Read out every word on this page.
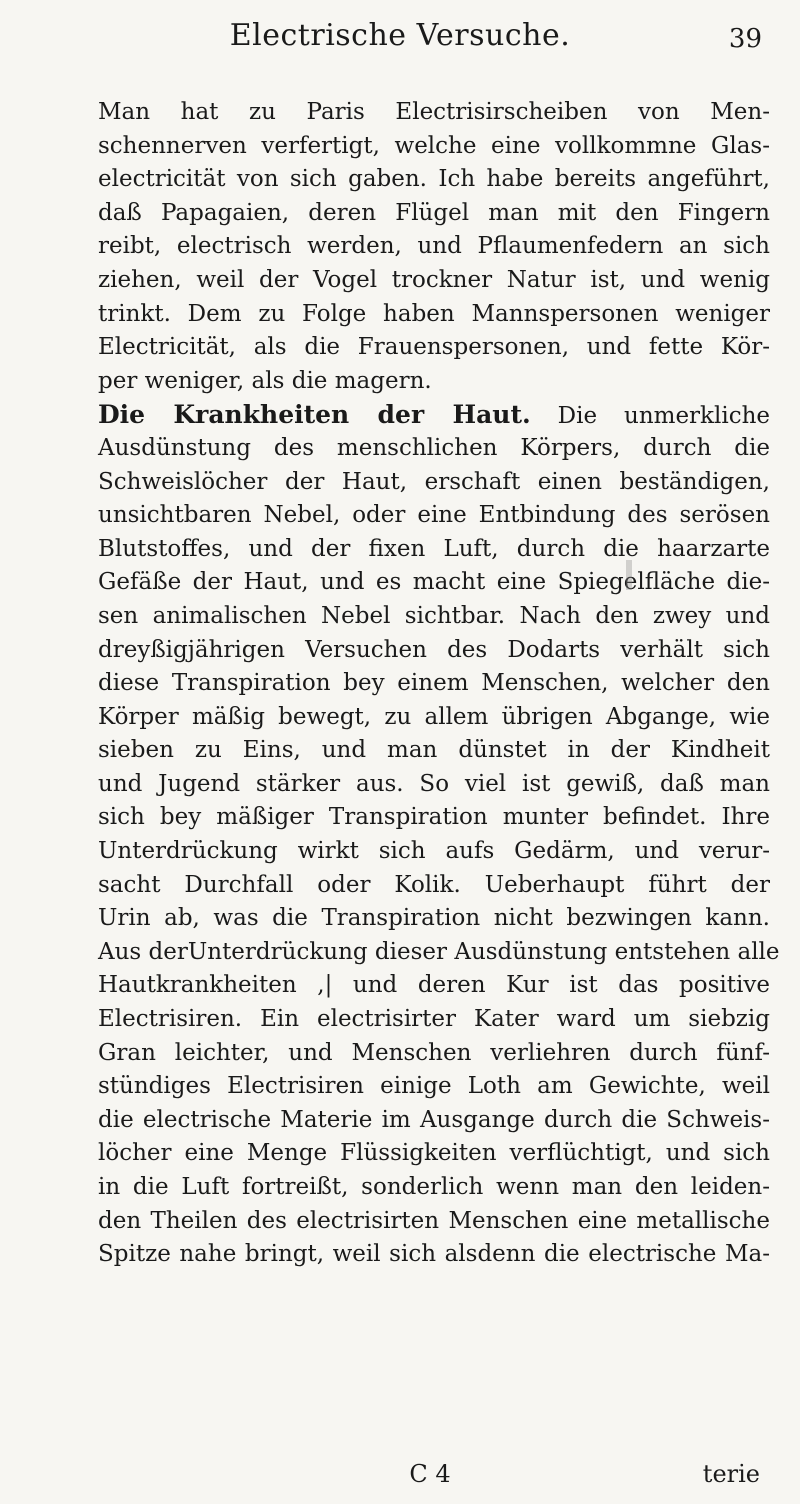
Electrische Versuche.	39
Man hat zu Paris Electrisirscheiben von Men-
schennerven verfertigt, welche eine vollkommne Glas-
electricität von sich gaben. Ich habe bereits angeführt,
daß Papagaien, deren Flügel man mit den Fingern
reibt, electrisch werden, und Pflaumenfedern an sich
ziehen, weil der Vogel trockner Natur ist, und wenig
trinkt. Dem zu Folge haben Mannspersonen weniger
Electricität, als die Frauenspersonen, und fette Kör-
per weniger, als die magern.
Die Krankheiten der Haut. Die unmerkliche
Ausdünstung des menschlichen Körpers, durch die
Schweislöcher der Haut, erschaft einen beständigen,
unsichtbaren Nebel, oder eine Entbindung des serösen
Blutstoffes, und der fixen Luft, durch die haarzarte
Gefäße der Haut, und es macht eine Spiegelfläche die-
sen animalischen Nebel sichtbar. Nach den zwey und
dreyßigjährigen Versuchen des Dodarts verhält sich
diese Transpiration bey einem Menschen, welcher den
Körper mäßig bewegt, zu allem übrigen Abgange, wie
sieben zu Eins, und man dünstet in der Kindheit
und Jugend stärker aus. So viel ist gewiß, daß man
sich bey mäßiger Transpiration munter befindet. Ihre
Unterdrückung wirkt sich aufs Gedärm, und verur-
sacht Durchfall oder Kolik. Ueberhaupt führt der
Urin ab, was die Transpiration nicht bezwingen kann.
Aus derUnterdrückung dieser Ausdünstung entstehen alle
Hautkrankheiten ,| und deren Kur ist das positive
Electrisiren. Ein electrisirter Kater ward um siebzig
Gran leichter, und Menschen verliehren durch fünf-
stündiges Electrisiren einige Loth am Gewichte, weil
die electrische Materie im Ausgange durch die Schweis-
löcher eine Menge Flüssigkeiten verflüchtigt, und sich
in die Luft fortreißt, sonderlich wenn man den leiden-
den Theilen des electrisirten Menschen eine metallische
Spitze nahe bringt, weil sich alsdenn die electrische Ma-
C 4	terie
